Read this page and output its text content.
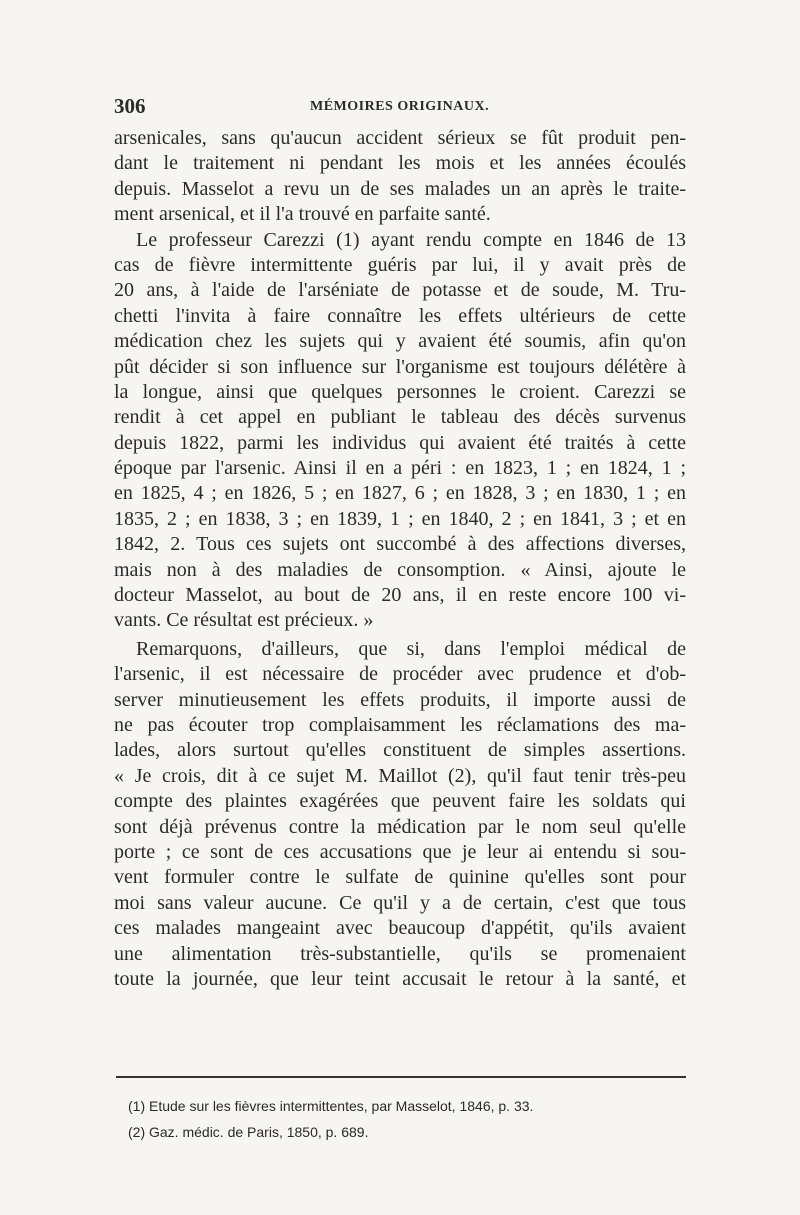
306	MÉMOIRES ORIGINAUX.
arsenicales, sans qu'aucun accident sérieux se fût produit pen-
dant le traitement ni pendant les mois et les années écoulés
depuis. Masselot a revu un de ses malades un an après le traite-
ment arsenical, et il l'a trouvé en parfaite santé.
Le professeur Carezzi (1) ayant rendu compte en 1846 de 13
cas de fièvre intermittente guéris par lui, il y avait près de
20 ans, à l'aide de l'arséniate de potasse et de soude, M. Tru-
chetti l'invita à faire connaître les effets ultérieurs de cette
médication chez les sujets qui y avaient été soumis, afin qu'on
pût décider si son influence sur l'organisme est toujours délétère à
la longue, ainsi que quelques personnes le croient. Carezzi se
rendit à cet appel en publiant le tableau des décès survenus
depuis 1822, parmi les individus qui avaient été traités à cette
époque par l'arsenic. Ainsi il en a péri : en 1823, 1 ; en 1824, 1 ;
en 1825, 4 ; en 1826, 5 ; en 1827, 6 ; en 1828, 3 ; en 1830, 1 ; en
1835, 2 ; en 1838, 3 ; en 1839, 1 ; en 1840, 2 ; en 1841, 3 ; et en
1842, 2. Tous ces sujets ont succombé à des affections diverses,
mais non à des maladies de consomption. « Ainsi, ajoute le
docteur Masselot, au bout de 20 ans, il en reste encore 100 vi-
vants. Ce résultat est précieux. »
Remarquons, d'ailleurs, que si, dans l'emploi médical de
l'arsenic, il est nécessaire de procéder avec prudence et d'ob-
server minutieusement les effets produits, il importe aussi de
ne pas écouter trop complaisamment les réclamations des ma-
lades, alors surtout qu'elles constituent de simples assertions.
« Je crois, dit à ce sujet M. Maillot (2), qu'il faut tenir très-peu
compte des plaintes exagérées que peuvent faire les soldats qui
sont déjà prévenus contre la médication par le nom seul qu'elle
porte ; ce sont de ces accusations que je leur ai entendu si sou-
vent formuler contre le sulfate de quinine qu'elles sont pour
moi sans valeur aucune. Ce qu'il y a de certain, c'est que tous
ces malades mangeaint avec beaucoup d'appétit, qu'ils avaient
une alimentation très-substantielle, qu'ils se promenaient
toute la journée, que leur teint accusait le retour à la santé, et
(1) Etude sur les fièvres intermittentes, par Masselot, 1846, p. 33.
(2) Gaz. médic. de Paris, 1850, p. 689.
